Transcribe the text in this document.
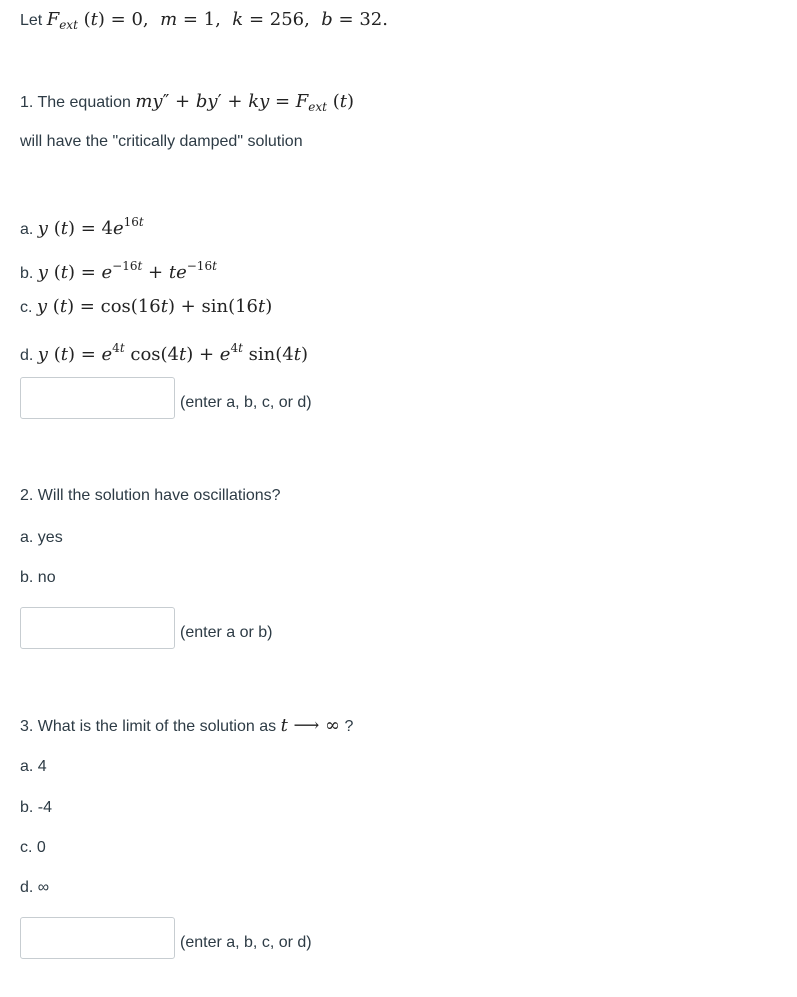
Let $F_{ext}$ (t) = 0,  m = 1,  k = 256,  b = 32.
1. The equation my″ + by′ + ky = $F_{ext}$ (t)
will have the "critically damped" solution
a. y $(t) = 4e^{16t}$
b. y $(t) = e^{-16t} + te^{-16t}$
c. y (t) = cos(16t) + sin(16t)
d. y $(t) = e^{4t}$ $\cos(4t) + e^{4t}$ sin(4t)
(enter a, b, c, or d)
2. Will the solution have oscillations?
a. yes
b. no
(enter a or b)
3. What is the limit of the solution as t ⟶ ∞ ?
a. 4
b. -4
c. 0
d. ∞
(enter a, b, c, or d)
